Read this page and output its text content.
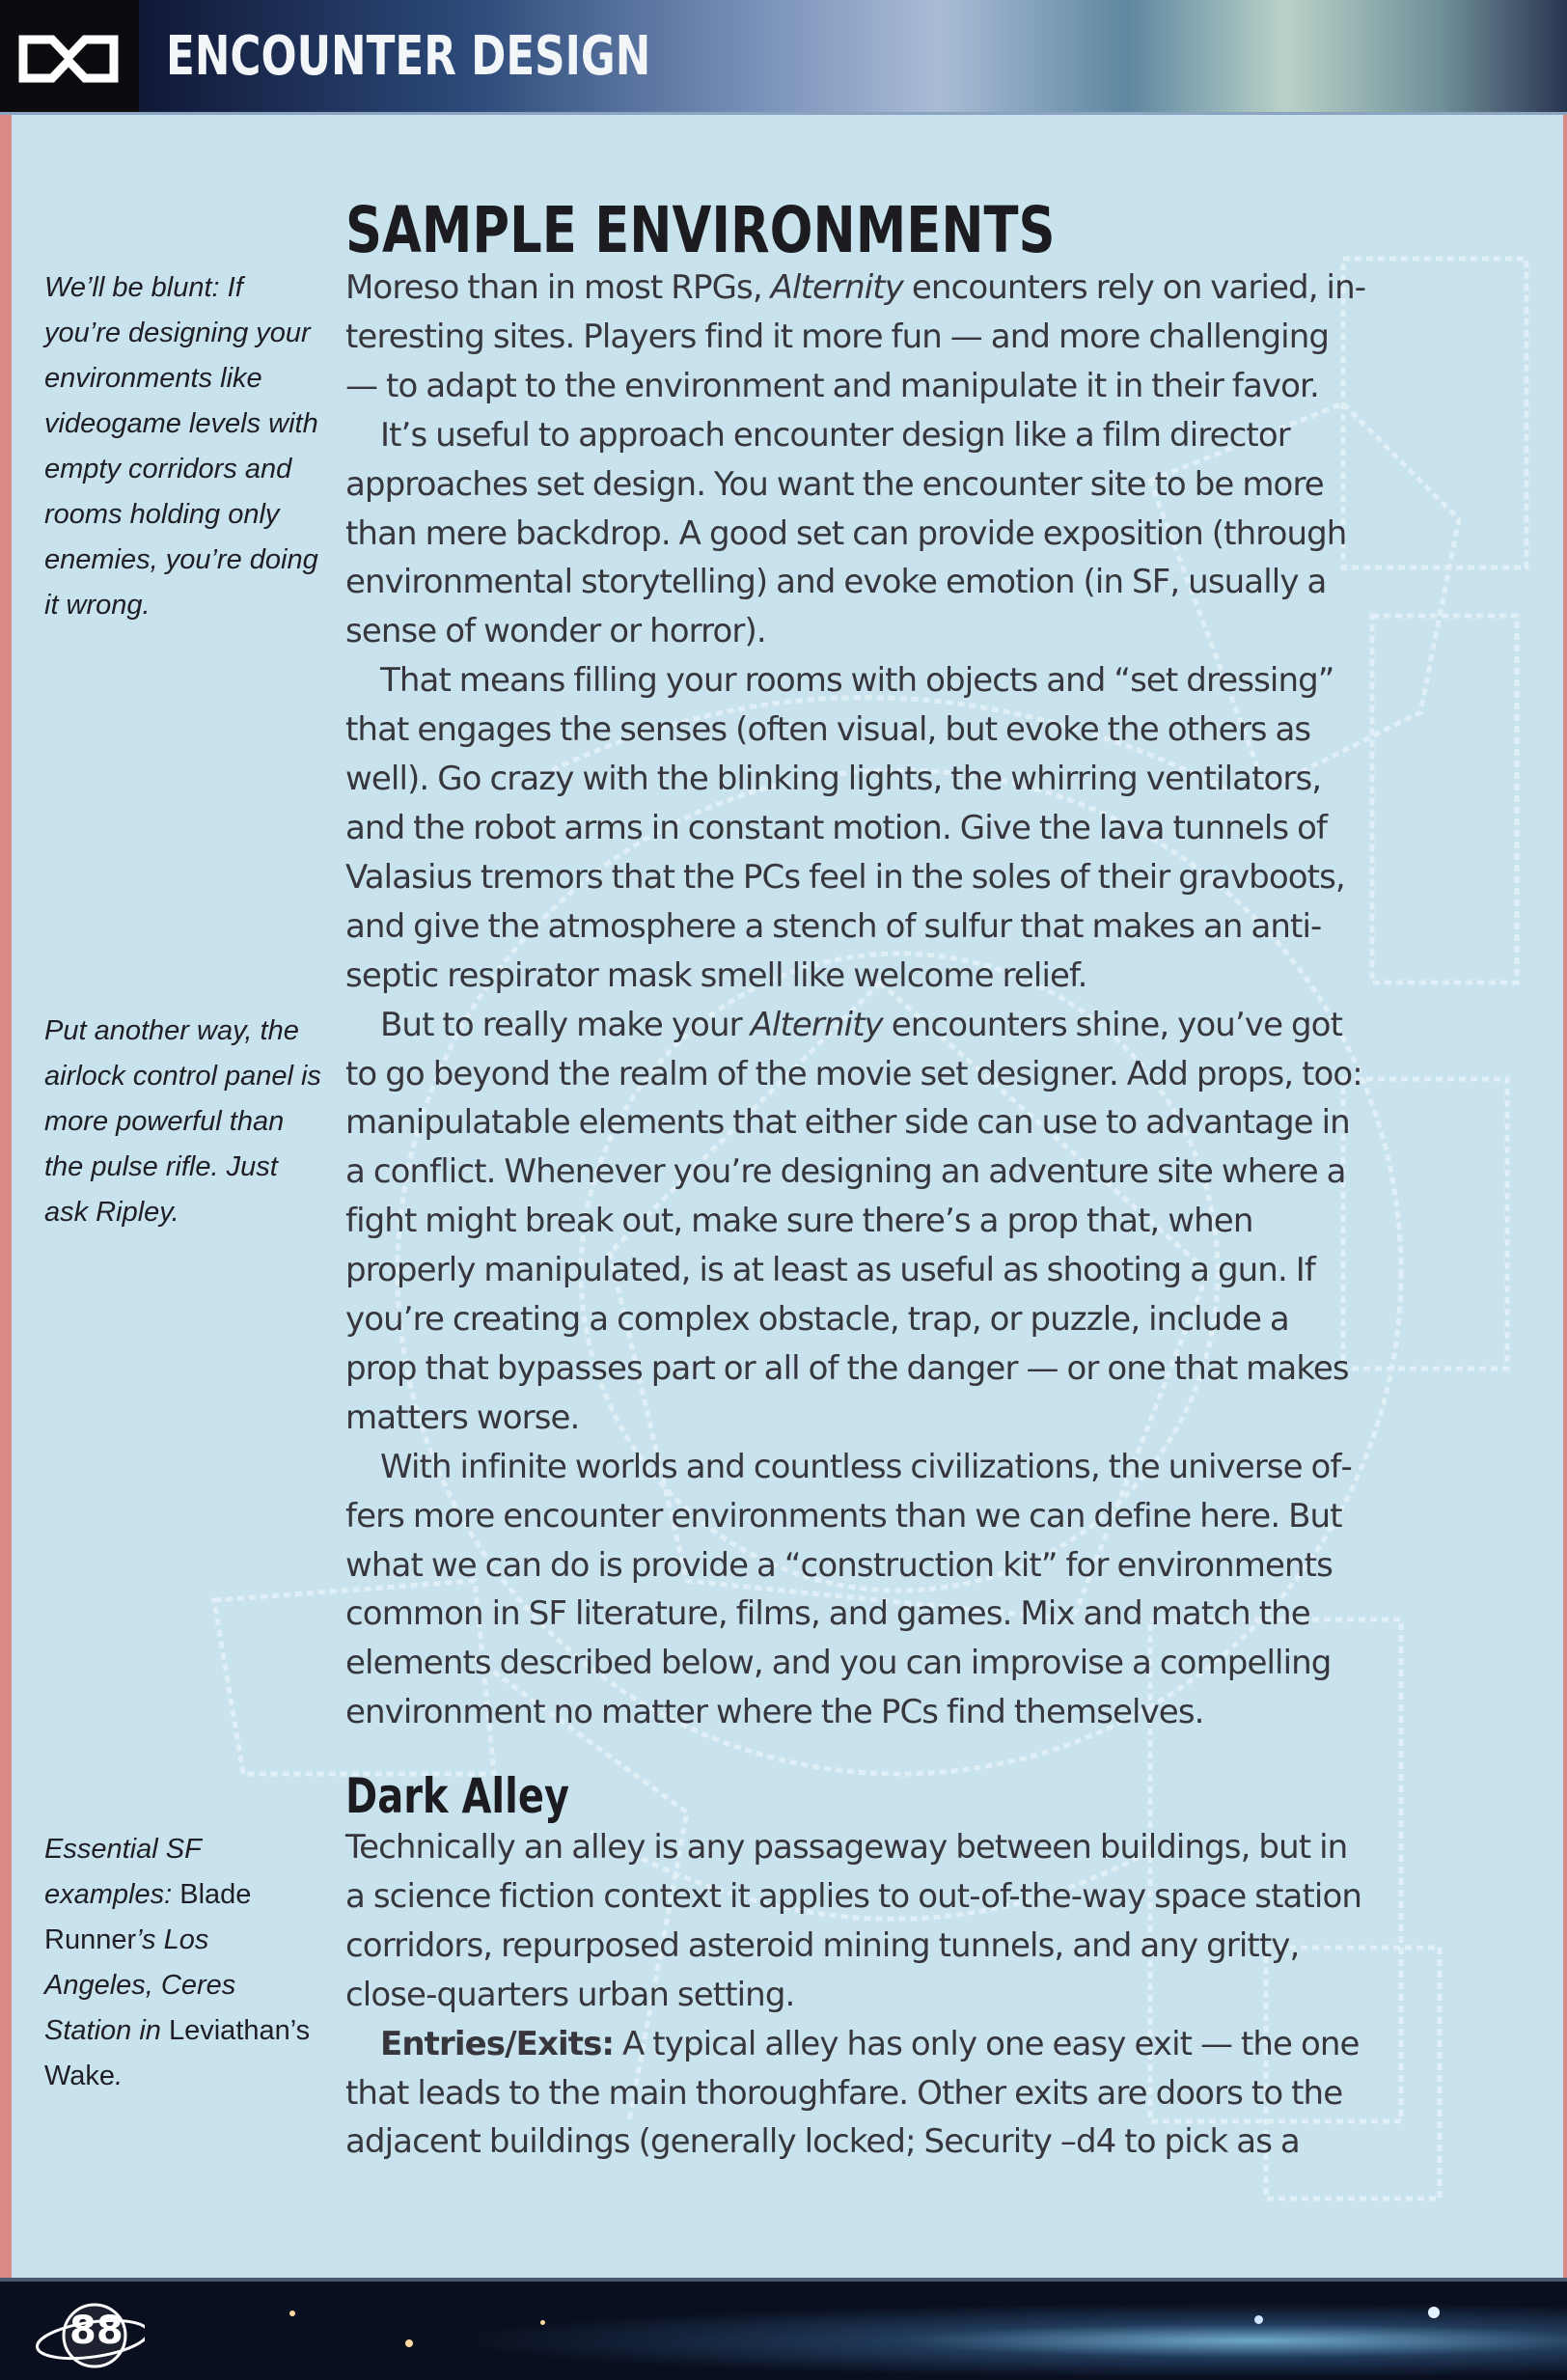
ENCOUNTER DESIGN
SAMPLE ENVIRONMENTS
We’ll be blunt: If you’re designing your environments like videogame levels with empty corridors and rooms holding only enemies, you’re doing it wrong.
Put another way, the airlock control panel is more powerful than the pulse rifle. Just ask Ripley.
Essential SF examples: Blade Runner’s Los Angeles, Ceres Station in Leviathan’s Wake.

Moreso than in most RPGs, Alternity encounters rely on varied, interesting sites. Players find it more fun — and more challenging — to adapt to the environment and manipulate it in their favor.

It’s useful to approach encounter design like a film director approaches set design. You want the encounter site to be more than mere backdrop. A good set can provide exposition (through environmental storytelling) and evoke emotion (in SF, usually a sense of wonder or horror).

That means filling your rooms with objects and “set dressing” that engages the senses (often visual, but evoke the others as well). Go crazy with the blinking lights, the whirring ventilators, and the robot arms in constant motion. Give the lava tunnels of Valasius tremors that the PCs feel in the soles of their gravboots, and give the atmosphere a stench of sulfur that makes an antiseptic respirator mask smell like welcome relief.

But to really make your Alternity encounters shine, you’ve got to go beyond the realm of the movie set designer. Add props, too: manipulatable elements that either side can use to advantage in a conflict. Whenever you’re designing an adventure site where a fight might break out, make sure there’s a prop that, when properly manipulated, is at least as useful as shooting a gun. If you’re creating a complex obstacle, trap, or puzzle, include a prop that bypasses part or all of the danger — or one that makes matters worse.

With infinite worlds and countless civilizations, the universe offers more encounter environments than we can define here. But what we can do is provide a “construction kit” for environments common in SF literature, films, and games. Mix and match the elements described below, and you can improvise a compelling environment no matter where the PCs find themselves.

Dark Alley

Technically an alley is any passageway between buildings, but in a science fiction context it applies to out-of-the-way space station corridors, repurposed asteroid mining tunnels, and any gritty, close-quarters urban setting.

Entries/Exits: A typical alley has only one easy exit — the one that leads to the main thoroughfare. Other exits are doors to the adjacent buildings (generally locked; Security –d4 to pick as a

88
